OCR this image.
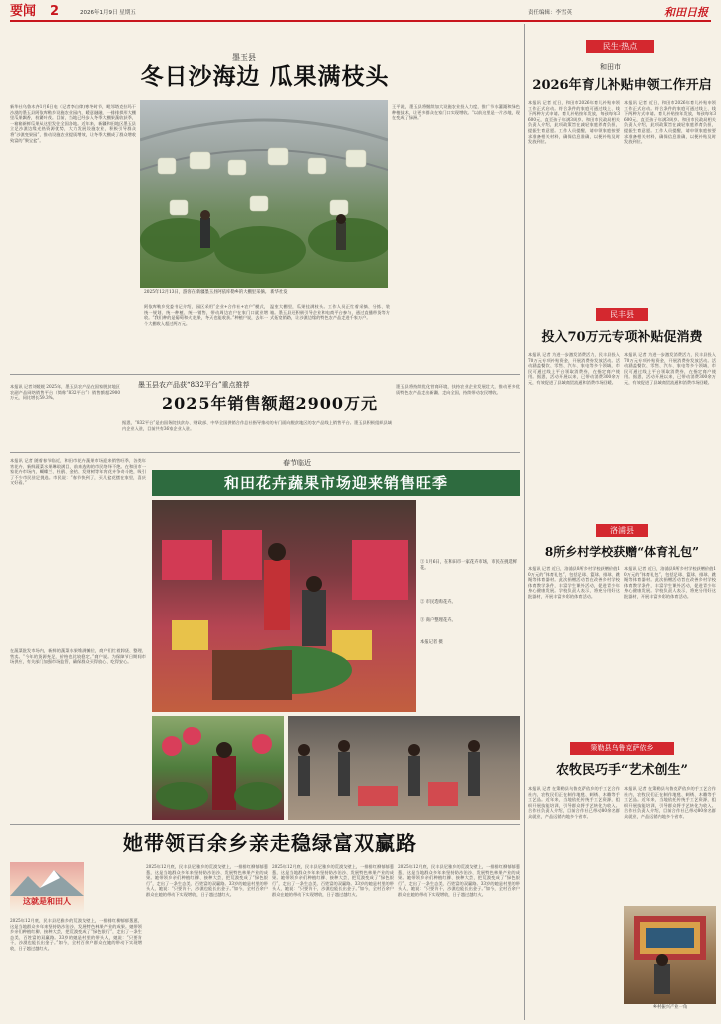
要闻 2	2026年1月9日 星期五	责任编辑：李雪英	和田日报
墨玉县
冬日沙海边 瓜果满枝头
新华社乌鲁木齐1月6日电（记者李自律)寒冬时节，毗邻塔克拉玛干沙漠的墨玉县阿依库勒乡设施农业园内，暖意融融，一排排拱形大棚里瓜果飘香，枝繁叶茂。目前，当地已经步入冬季大棚果蔬收获季，一箱箱新鲜瓜果从这里发往全国各地。近年来，新疆和田地区墨玉县立足沙漠边缘光热资源优势，大力发展设施农业，积极引导群众将“沙漠变果园”，推动设施农业提质增效，让冬季大棚成了群众增收致富的“聚宝盆”。
阿依库勒乡党委书记介绍，园区采用“企业+合作社+农户”模式，统一规划、统一种植、统一销售，带动周边农户在家门口就业增收。“我们种的是葡萄和火龙果，冬天也能收获。”种植户说，去年一个大棚收入超过两万元。
温室大棚里，瓜果挂满枝头。工作人员正忙着采摘、分拣、装箱。墨玉县还积极引导企业和电商平台参与，通过直播带货等方式拓宽销路，让沙漠边缘的特色农产品走进千家万户。
王平说，墨玉县将继续加大设施农业投入力度，推广节水灌溉和绿色种植技术，让更多群众在家门口实现增收。“以前这里是一片沙地，现在变成了绿洲。”
2025年12月13日，游客在新疆墨玉县阿依库勒乡的大棚里采摘。 新华社发
墨玉县农产品获“832平台”重点推荐
2025年销售额超2900万元
本报讯 记者刘媛媛 2025年，墨玉县农产品在国家脱贫地区农副产品网络销售平台（简称“832平台”）销售额超2900万元，同比增长59.3%。
据悉，“832平台”是由国务院扶贫办、财政部、中华全国供销合作总社指导推动的专门面向脱贫地区的农产品线上销售平台。墨玉县积极组织县域内企业入驻，目前共有36家企业入驻。
墨玉县将持续优化营商环境，扶持农业企业发展壮大，推动更多优质特色农产品走出新疆、走向全国，持续带动农民增收。
本报讯 记者 随着春节临近，和田市花卉蔬果市场迎来销售旺季，各类年宵花卉、新鲜蔬菜水果琳琅满目，前来选购的市民络绎不绝。在和田市一家花卉市场内，蝴蝶兰、杜鹃、金桔、发财树等年宵花卉争奇斗艳，吸引了不少市民驻足挑选。市民说：“春节快到了，买几盆花摆在家里，喜庆又好看。”
在蔬菜批发市场内，新鲜的蔬菜水果堆满摊位，商户们忙着卸货、整理、售卖。“今年的货源充足，价格也比较稳定。”商户说。为保障节日期间市场供应，有关部门加强市场监管，确保群众买得放心、吃得安心。
春节临近
和田花卉蔬果市场迎来销售旺季
① 1月6日，在和田市一家花卉市场，市民在挑选鲜花。
② 市民选购花卉。
③ 商户整理花卉。
本报记者 摄
她带领百余乡亲走稳绿富双赢路
这就是和田人
2025年12月底，民丰县尼雅乡的荒漠戈壁上，一排排红柳郁郁葱葱，这是当地群众多年来坚持防沙治沙、发展特色林果产业的成果。她带领乡亲们种植红柳、接种大芸，把荒漠变成了“绿色银行”，走出了一条生态美、百姓富的双赢路。33岁的她是村里的带头人，她说：“只要肯干，沙漠也能长出金子。”如今，全村百余户群众在她的带动下实现增收，日子越过越红火。
2025年12月底，民丰县尼雅乡的荒漠戈壁上，一排排红柳郁郁葱葱，这是当地群众多年来坚持防沙治沙、发展特色林果产业的成果。她带领乡亲们种植红柳、接种大芸，把荒漠变成了“绿色银行”，走出了一条生态美、百姓富的双赢路。33岁的她是村里的带头人，她说：“只要肯干，沙漠也能长出金子。”如今，全村百余户群众在她的带动下实现增收，日子越过越红火。
2025年12月底，民丰县尼雅乡的荒漠戈壁上，一排排红柳郁郁葱葱，这是当地群众多年来坚持防沙治沙、发展特色林果产业的成果。她带领乡亲们种植红柳、接种大芸，把荒漠变成了“绿色银行”，走出了一条生态美、百姓富的双赢路。33岁的她是村里的带头人，她说：“只要肯干，沙漠也能长出金子。”如今，全村百余户群众在她的带动下实现增收，日子越过越红火。
2025年12月底，民丰县尼雅乡的荒漠戈壁上，一排排红柳郁郁葱葱，这是当地群众多年来坚持防沙治沙、发展特色林果产业的成果。她带领乡亲们种植红柳、接种大芸，把荒漠变成了“绿色银行”，走出了一条生态美、百姓富的双赢路。33岁的她是村里的带头人，她说：“只要肯干，沙漠也能长出金子。”如今，全村百余户群众在她的带动下实现增收，日子越过越红火。
民生·热点
和田市
2026年育儿补贴申领工作开启
本报讯 记者 近日，和田市2026年育儿补贴申领工作正式启动。符合条件的家庭可通过线上、线下两种方式申请。育儿补贴按年发放，每孩每年3600元，直至孩子年满3周岁。和田市民政局相关负责人介绍，此项政策旨在减轻家庭养育负担，提振生育意愿。工作人员提醒，请申领家庭按要求准备相关材料，确保信息准确，以便补贴及时发放到位。
本报讯 记者 近日，和田市2026年育儿补贴申领工作正式启动。符合条件的家庭可通过线上、线下两种方式申请。育儿补贴按年发放，每孩每年3600元，直至孩子年满3周岁。和田市民政局相关负责人介绍，此项政策旨在减轻家庭养育负担，提振生育意愿。工作人员提醒，请申领家庭按要求准备相关材料，确保信息准确，以便补贴及时发放到位。
民丰县
投入70万元专项补贴促消费
本报讯 记者 为进一步激发消费活力，民丰县投入70万元专项补贴资金，开展消费券发放活动。活动涵盖餐饮、零售、汽车、家电等多个领域，市民可通过线上平台领取消费券，在指定商户使用。据悉，活动开展以来，已带动消费300余万元，有效促进了县域商贸流通和消费市场回暖。
本报讯 记者 为进一步激发消费活力，民丰县投入70万元专项补贴资金，开展消费券发放活动。活动涵盖餐饮、零售、汽车、家电等多个领域，市民可通过线上平台领取消费券，在指定商户使用。据悉，活动开展以来，已带动消费300余万元，有效促进了县域商贸流通和消费市场回暖。
洛浦县
8所乡村学校获赠“体育礼包”
本报讯 记者 近日，洛浦县8所乡村学校获赠价值10万元的“体育礼包”，包括足球、篮球、排球、跳绳等体育器材。此次捐赠活动旨在改善乡村学校体育教学条件，丰富学生课外活动，促进青少年身心健康发展。学校负责人表示，将充分用好这批器材，开展丰富多彩的体育活动。
本报讯 记者 近日，洛浦县8所乡村学校获赠价值10万元的“体育礼包”，包括足球、篮球、排球、跳绳等体育器材。此次捐赠活动旨在改善乡村学校体育教学条件，丰富学生课外活动，促进青少年身心健康发展。学校负责人表示，将充分用好这批器材，开展丰富多彩的体育活动。
策勒县乌鲁克萨依乡
农牧民巧手“艺术创生”
本报讯 记者 在策勒县乌鲁克萨依乡的手工艺合作社内，农牧民们正在制作地毯、刺绣、木雕等手工艺品。近年来，当地依托传统手工艺资源，组织开展技能培训，引导群众将手艺转化为收入。合作社负责人介绍，目前合作社已带动80余名群众就业，产品远销内地多个省市。
本报讯 记者 在策勒县乌鲁克萨依乡的手工艺合作社内，农牧民们正在制作地毯、刺绣、木雕等手工艺品。近年来，当地依托传统手工艺资源，组织开展技能培训，引导群众将手艺转化为收入。合作社负责人介绍，目前合作社已带动80余名群众就业，产品远销内地多个省市。
乡村振兴产业一角
